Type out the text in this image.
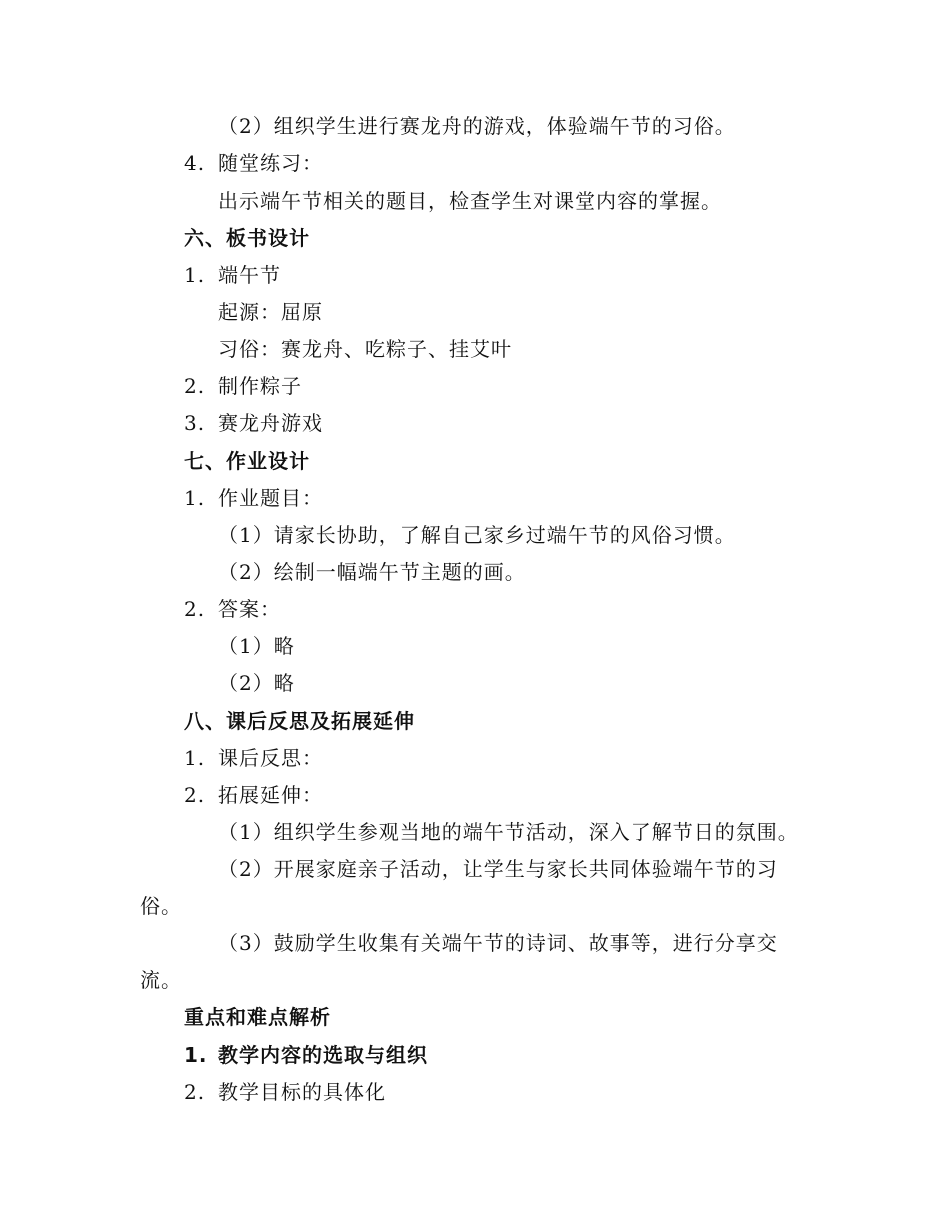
（2）组织学生进行赛龙舟的游戏，体验端午节的习俗。
4. 随堂练习：
出示端午节相关的题目，检查学生对课堂内容的掌握。
六、板书设计
1. 端午节
起源：屈原
习俗：赛龙舟、吃粽子、挂艾叶
2. 制作粽子
3. 赛龙舟游戏
七、作业设计
1. 作业题目：
（1）请家长协助，了解自己家乡过端午节的风俗习惯。
（2）绘制一幅端午节主题的画。
2. 答案：
（1）略
（2）略
八、课后反思及拓展延伸
1. 课后反思：
2. 拓展延伸：
（1）组织学生参观当地的端午节活动，深入了解节日的氛围。
（2）开展家庭亲子活动，让学生与家长共同体验端午节的习
俗。
（3）鼓励学生收集有关端午节的诗词、故事等，进行分享交
流。
重点和难点解析
1. 教学内容的选取与组织
2. 教学目标的具体化
